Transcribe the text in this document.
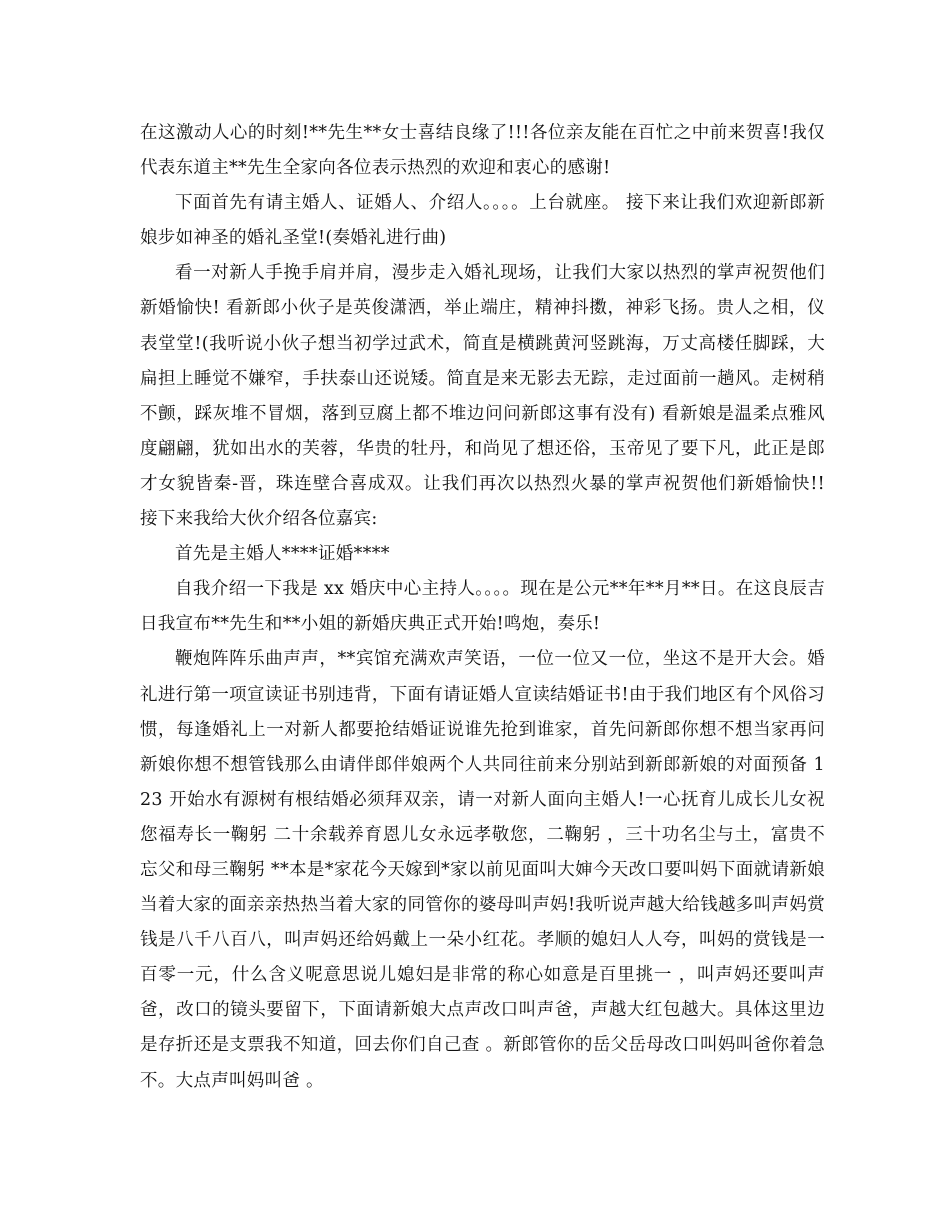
在这激动人心的时刻!**先生**女士喜结良缘了!!!各位亲友能在百忙之中前来贺喜!我仅代表东道主**先生全家向各位表示热烈的欢迎和衷心的感谢!

下面首先有请主婚人、证婚人、介绍人。。。。上台就座。 接下来让我们欢迎新郎新娘步如神圣的婚礼圣堂!(奏婚礼进行曲)

看一对新人手挽手肩并肩，漫步走入婚礼现场，让我们大家以热烈的掌声祝贺他们新婚愉快! 看新郎小伙子是英俊潇洒，举止端庄，精神抖擞，神彩飞扬。贵人之相，仪表堂堂!(我听说小伙子想当初学过武术，简直是横跳黄河竖跳海，万丈高楼任脚踩，大扁担上睡觉不嫌窄，手扶泰山还说矮。简直是来无影去无踪，走过面前一趟风。走树稍不颤，踩灰堆不冒烟，落到豆腐上都不堆边问问新郎这事有没有) 看新娘是温柔点雅风度翩翩，犹如出水的芙蓉，华贵的牡丹，和尚见了想还俗，玉帝见了要下凡，此正是郎才女貌皆秦-晋，珠连壁合喜成双。让我们再次以热烈火暴的掌声祝贺他们新婚愉快!! 接下来我给大伙介绍各位嘉宾:

首先是主婚人****证婚****

自我介绍一下我是 xx 婚庆中心主持人。。。。现在是公元**年**月**日。在这良辰吉日我宣布**先生和**小姐的新婚庆典正式开始!鸣炮，奏乐!

鞭炮阵阵乐曲声声，**宾馆充满欢声笑语，一位一位又一位，坐这不是开大会。婚礼进行第一项宣读证书别违背，下面有请证婚人宣读结婚证书!由于我们地区有个风俗习惯，每逢婚礼上一对新人都要抢结婚证说谁先抢到谁家，首先问新郎你想不想当家再问新娘你想不想管钱那么由请伴郎伴娘两个人共同往前来分别站到新郎新娘的对面预备 123 开始水有源树有根结婚必须拜双亲，请一对新人面向主婚人!一心抚育儿成长儿女祝您福寿长一鞠躬 二十余载养育恩儿女永远孝敬您，二鞠躬 ，三十功名尘与土，富贵不忘父和母三鞠躬 **本是*家花今天嫁到*家以前见面叫大婶今天改口要叫妈下面就请新娘当着大家的面亲亲热热当着大家的同管你的婆母叫声妈!我听说声越大给钱越多叫声妈赏钱是八千八百八，叫声妈还给妈戴上一朵小红花。孝顺的媳妇人人夸，叫妈的赏钱是一百零一元，什么含义呢意思说儿媳妇是非常的称心如意是百里挑一 ，叫声妈还要叫声爸，改口的镜头要留下，下面请新娘大点声改口叫声爸，声越大红包越大。具体这里边是存折还是支票我不知道，回去你们自己查 。新郎管你的岳父岳母改口叫妈叫爸你着急不。大点声叫妈叫爸 。
